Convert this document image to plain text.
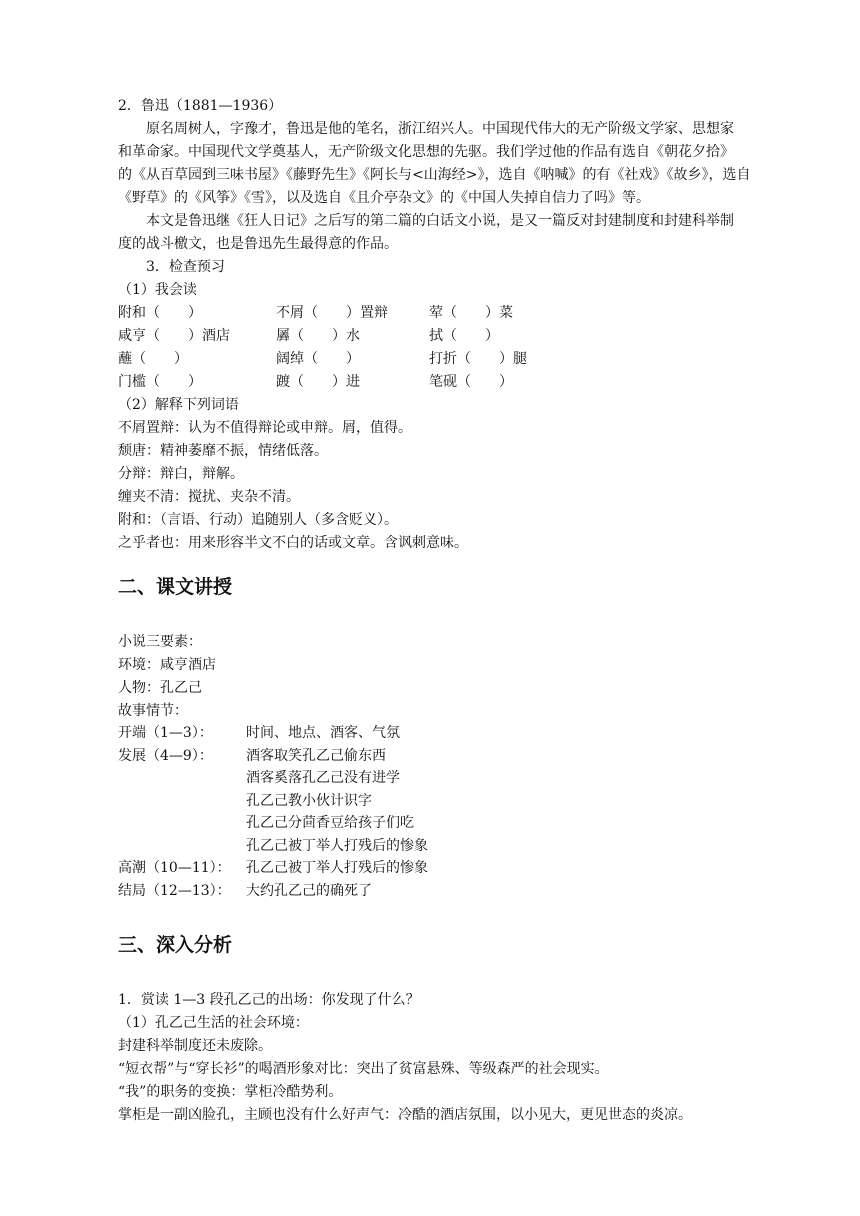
2．鲁迅（1881—1936）
原名周树人，字豫才，鲁迅是他的笔名，浙江绍兴人。中国现代伟大的无产阶级文学家、思想家
和革命家。中国现代文学奠基人，无产阶级文化思想的先驱。我们学过他的作品有选自《朝花夕拾》
的《从百草园到三味书屋》《藤野先生》《阿长与<山海经>》，选自《呐喊》的有《社戏》《故乡》，选自
《野草》的《风筝》《雪》，以及选自《且介亭杂文》的《中国人失掉自信力了吗》等。
本文是鲁迅继《狂人日记》之后写的第二篇的白话文小说，是又一篇反对封建制度和封建科举制
度的战斗檄文，也是鲁迅先生最得意的作品。
3．检查预习
（1）我会读
附和（　　）	不屑（　　）置辩	荤（　　）菜
咸亨（　　）酒店	羼（　　）水	拭（　　）
蘸（　　）	阔绰（　　）	打折（　　）腿
门槛（　　）	踱（　　）进	笔砚（　　）
（2）解释下列词语
不屑置辩：认为不值得辩论或申辩。屑，值得。
颓唐：精神萎靡不振，情绪低落。
分辩：辩白，辩解。
缠夹不清：搅扰、夹杂不清。
附和：（言语、行动）追随别人（多含贬义）。
之乎者也：用来形容半文不白的话或文章。含讽刺意味。
二、课文讲授
小说三要素：
环境：咸亨酒店
人物：孔乙己
故事情节：
开端（1—3）： 时间、地点、酒客、气氛
发展（4—9）： 酒客取笑孔乙己偷东西
酒客奚落孔乙己没有进学
孔乙己教小伙计识字
孔乙己分茴香豆给孩子们吃
孔乙己被丁举人打残后的惨象
高潮（10—11）： 孔乙己被丁举人打残后的惨象
结局（12—13）： 大约孔乙己的确死了
三、深入分析
1．赏读 1—3 段孔乙己的出场：你发现了什么？
（1）孔乙己生活的社会环境：
封建科举制度还未废除。
“短衣帮”与“穿长衫”的喝酒形象对比：突出了贫富悬殊、等级森严的社会现实。
“我”的职务的变换：掌柜冷酷势利。
掌柜是一副凶脸孔，主顾也没有什么好声气：冷酷的酒店氛围，以小见大，更见世态的炎凉。
